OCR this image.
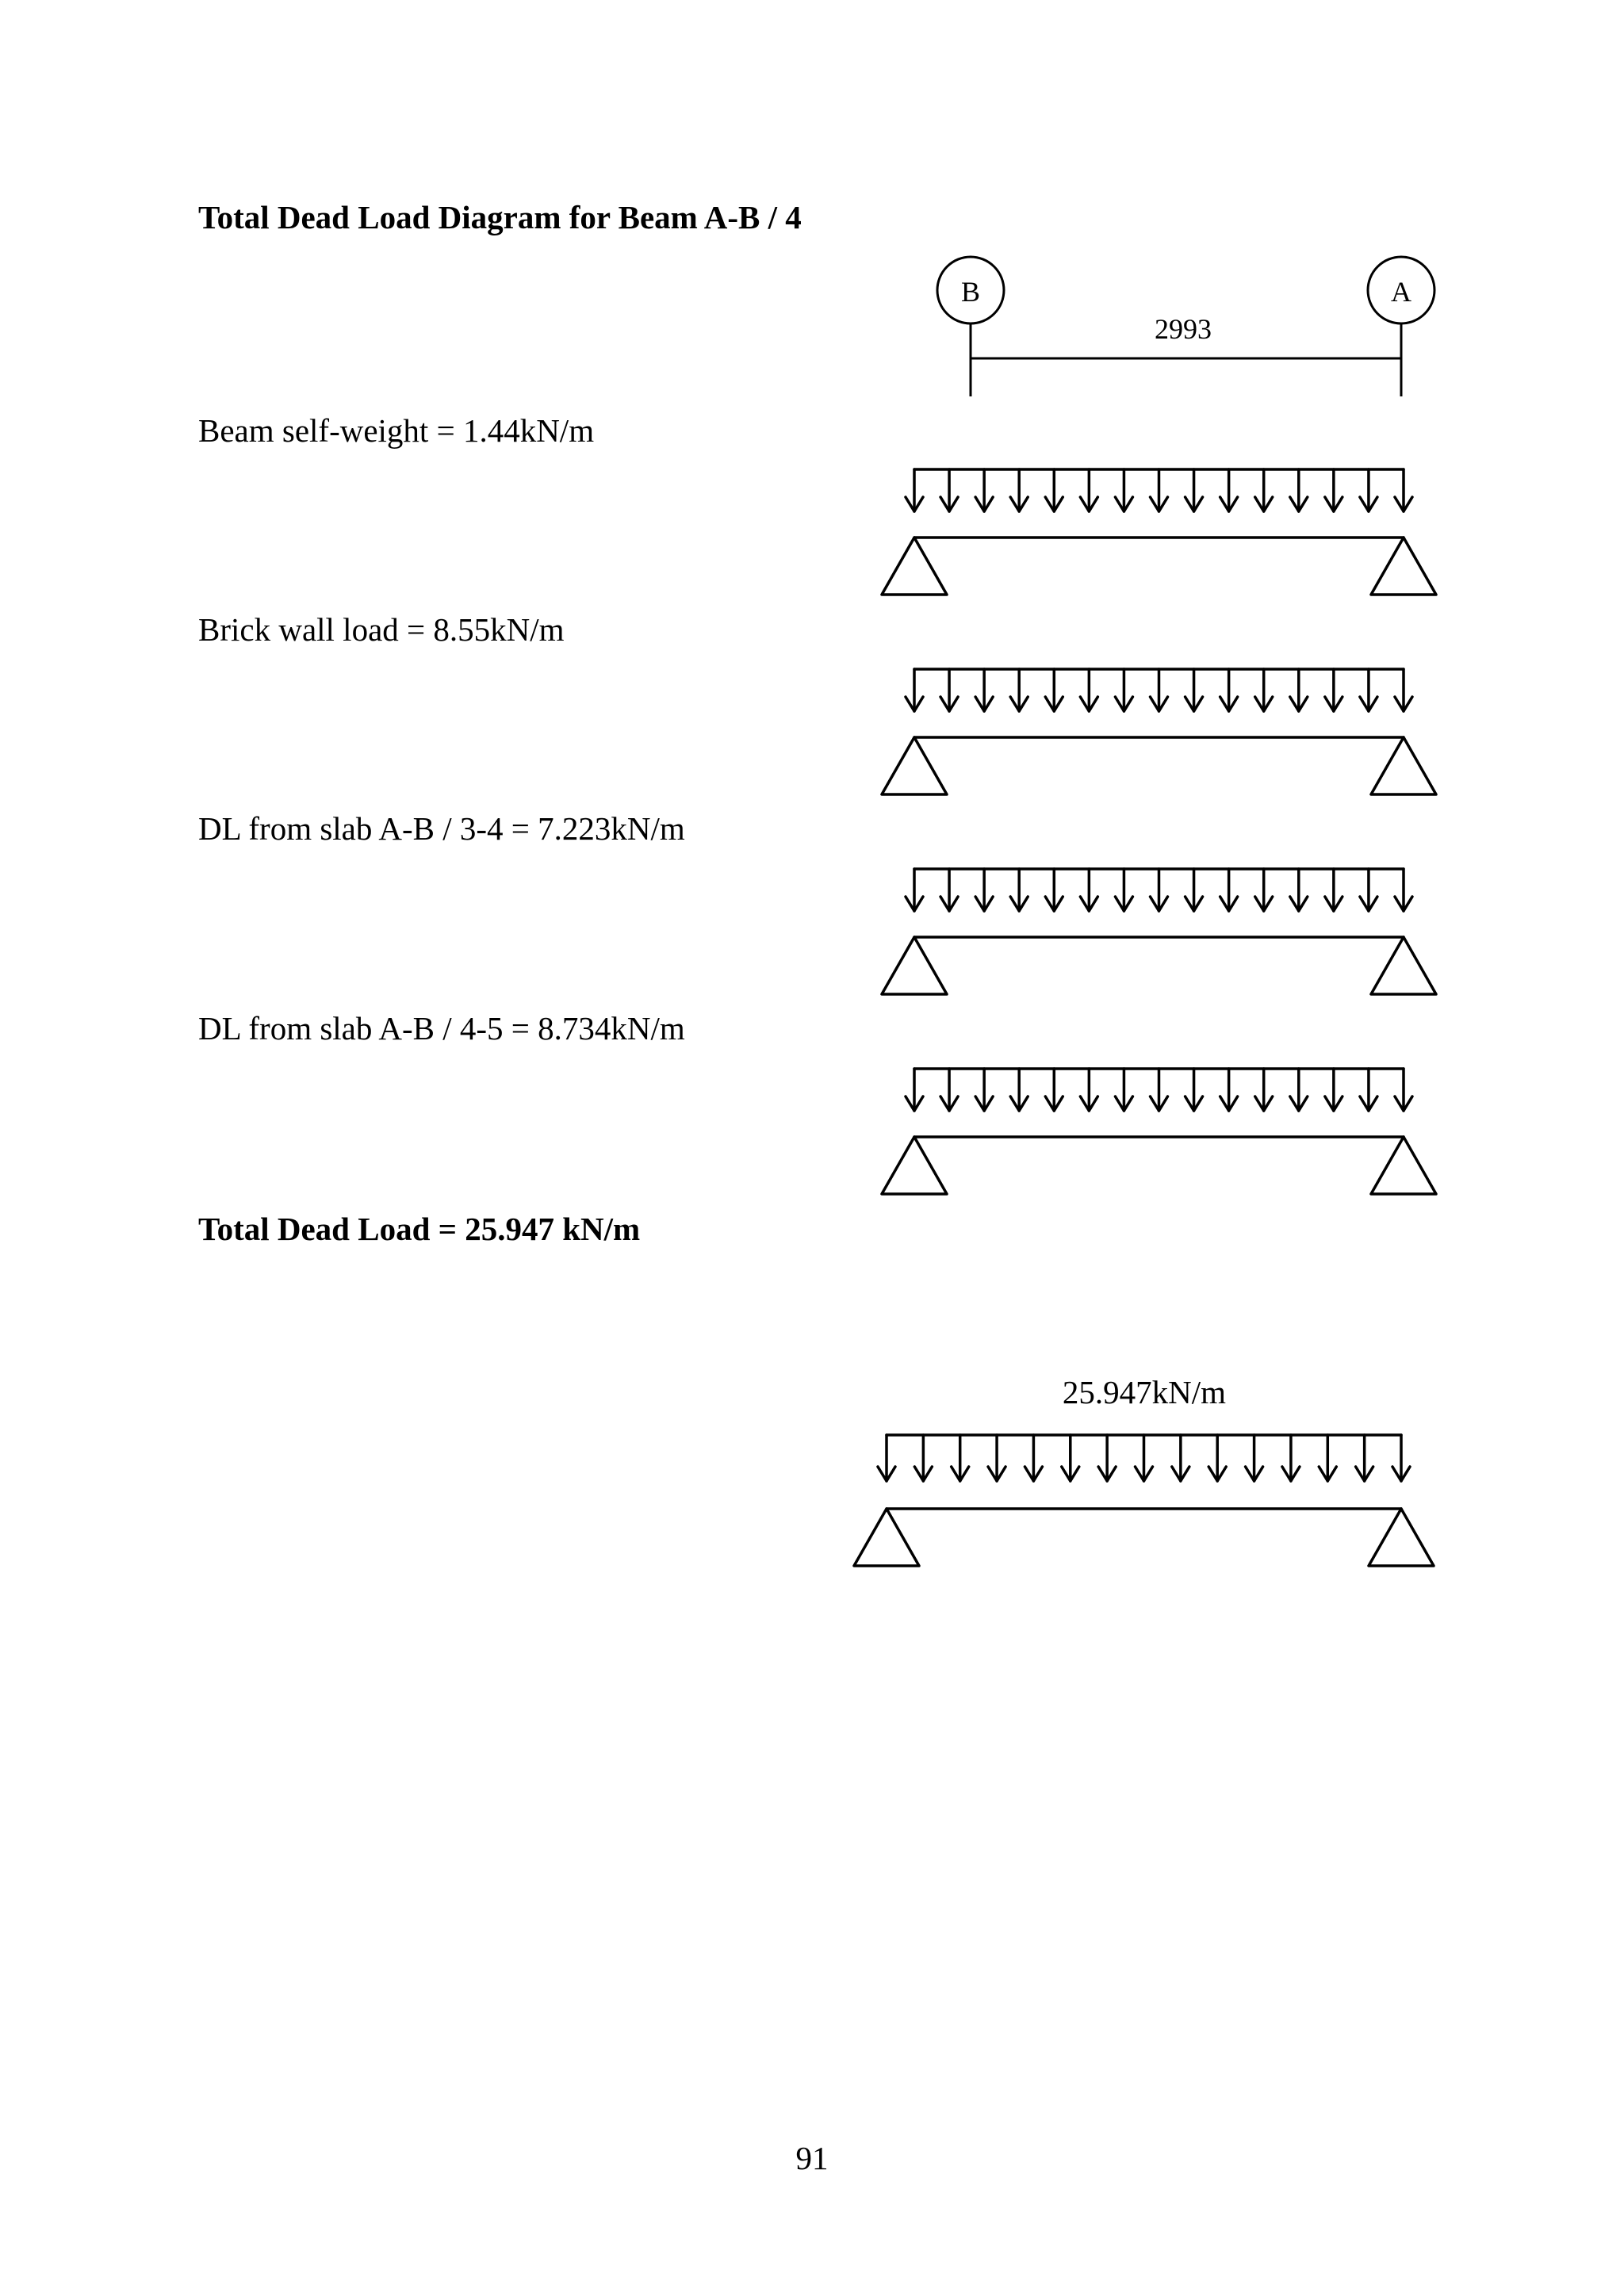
Total Dead Load Diagram for Beam A-B / 4
Beam self-weight = 1.44kN/m
Brick wall load = 8.55kN/m
DL from slab A-B / 3-4 = 7.223kN/m
DL from slab A-B / 4-5 = 8.734kN/m
Total Dead Load = 25.947 kN/m
91
B	A
2993
25.947kN/m
